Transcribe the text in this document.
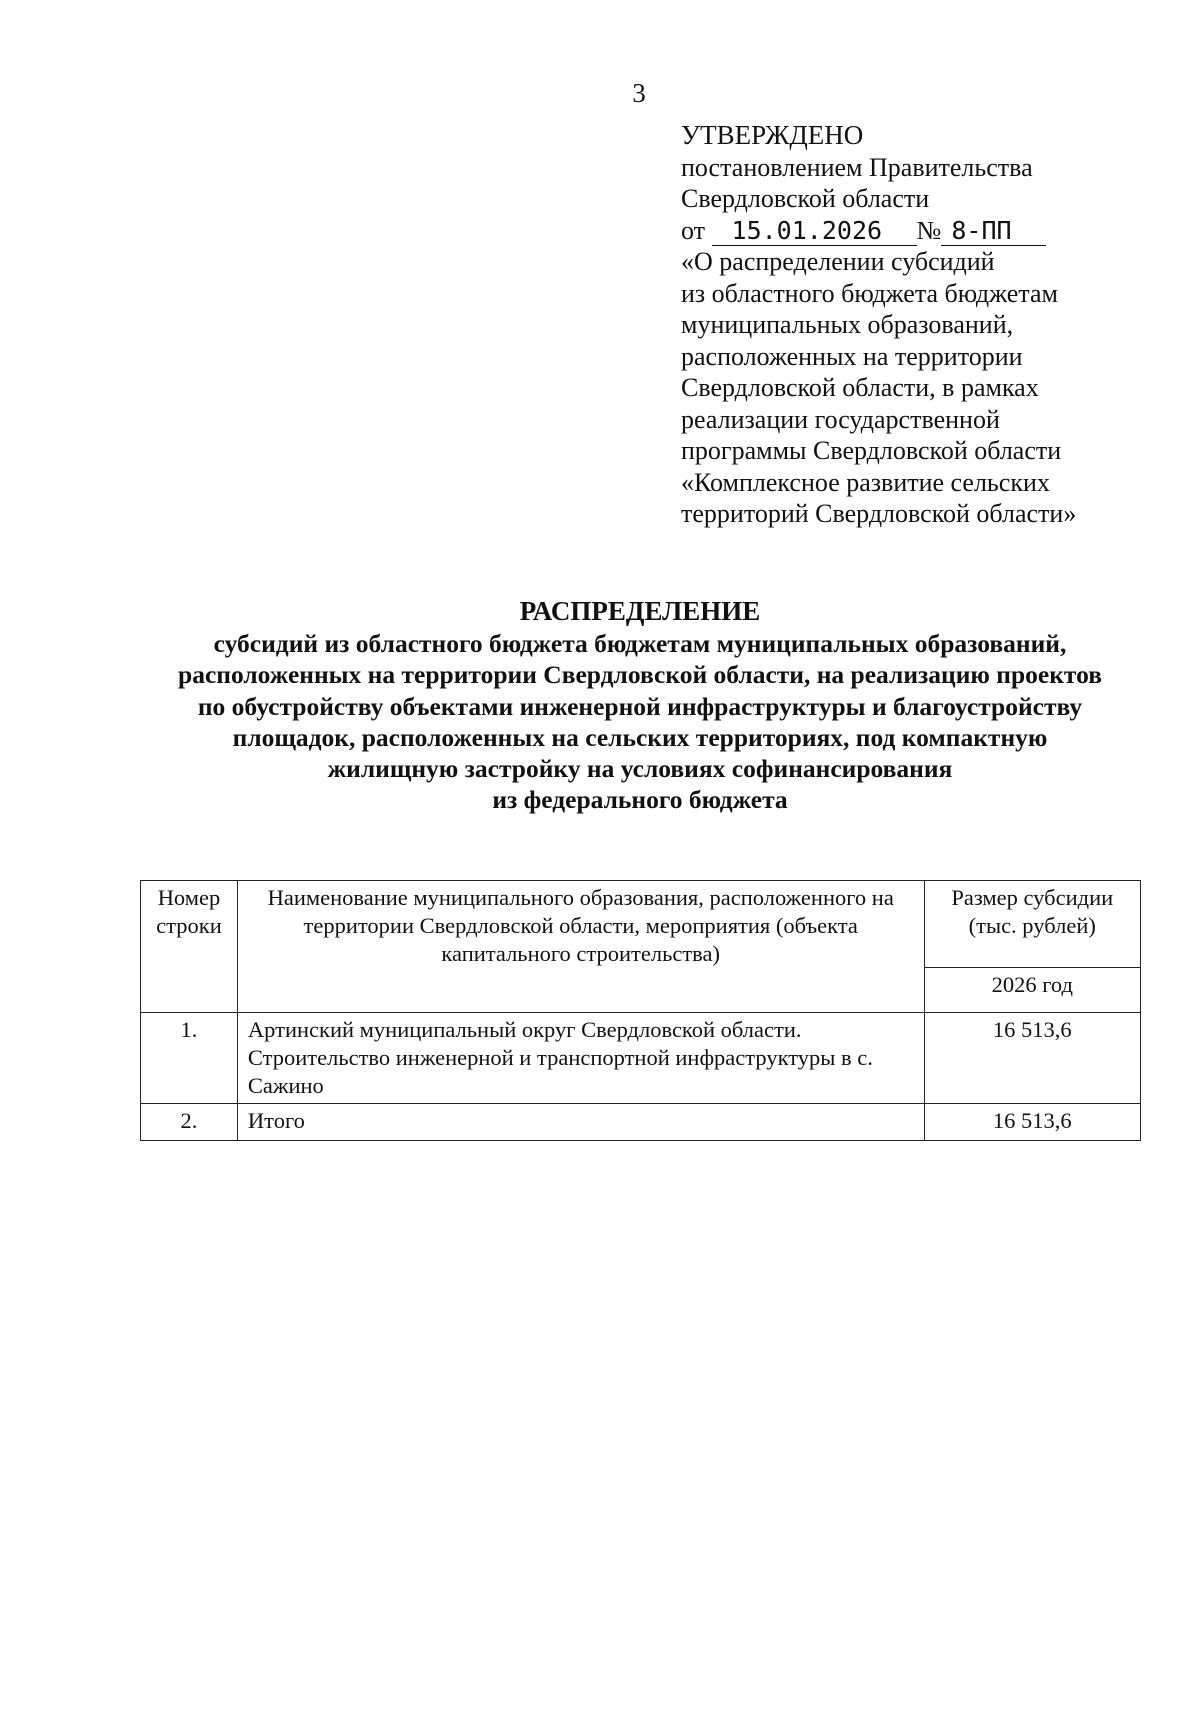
3
УТВЕРЖДЕНО
постановлением Правительства
Свердловской области
от 15.01.2026 № 8-ПП
«О распределении субсидий
из областного бюджета бюджетам
муниципальных образований,
расположенных на территории
Свердловской области, в рамках
реализации государственной
программы Свердловской области
«Комплексное развитие сельских
территорий Свердловской области»
РАСПРЕДЕЛЕНИЕ
субсидий из областного бюджета бюджетам муниципальных образований,
расположенных на территории Свердловской области, на реализацию проектов
по обустройству объектами инженерной инфраструктуры и благоустройству
площадок, расположенных на сельских территориях, под компактную
жилищную застройку на условиях софинансирования
из федерального бюджета
Номер строки	Наименование муниципального образования, расположенного на территории Свердловской области, мероприятия (объекта капитального строительства)	Размер субсидии (тыс. рублей)
		2026 год
1.	Артинский муниципальный округ Свердловской области. Строительство инженерной и транспортной инфраструктуры в с. Сажино	16 513,6
2.	Итого	16 513,6
